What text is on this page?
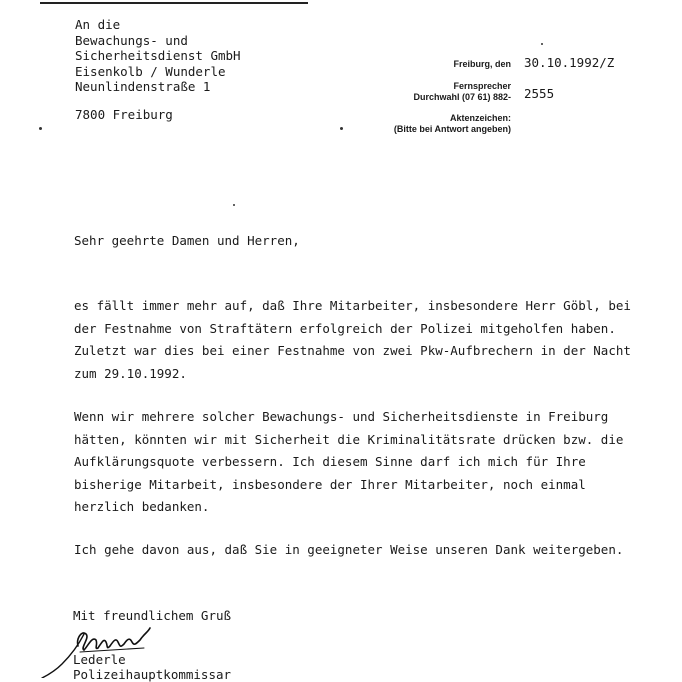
An die
Bewachungs- und
Sicherheitsdienst GmbH
Eisenkolb / Wunderle
Neunlindenstraße 1
7800 Freiburg
Freiburg, den 30.10.1992/Z
Fernsprecher
Durchwahl (07 61) 882- 2555
Aktenzeichen:
(Bitte bei Antwort angeben)
Sehr geehrte Damen und Herren,
es fällt immer mehr auf, daß Ihre Mitarbeiter, insbesondere Herr Göbl, bei
der Festnahme von Straftätern erfolgreich der Polizei mitgeholfen haben.
Zuletzt war dies bei einer Festnahme von zwei Pkw-Aufbrechern in der Nacht
zum 29.10.1992.
Wenn wir mehrere solcher Bewachungs- und Sicherheitsdienste in Freiburg
hätten, könnten wir mit Sicherheit die Kriminalitätsrate drücken bzw. die
Aufklärungsquote verbessern. Ich diesem Sinne darf ich mich für Ihre
bisherige Mitarbeit, insbesondere der Ihrer Mitarbeiter, noch einmal
herzlich bedanken.
Ich gehe davon aus, daß Sie in geeigneter Weise unseren Dank weitergeben.
Mit freundlichem Gruß
Lederle
Polizeihauptkommissar
